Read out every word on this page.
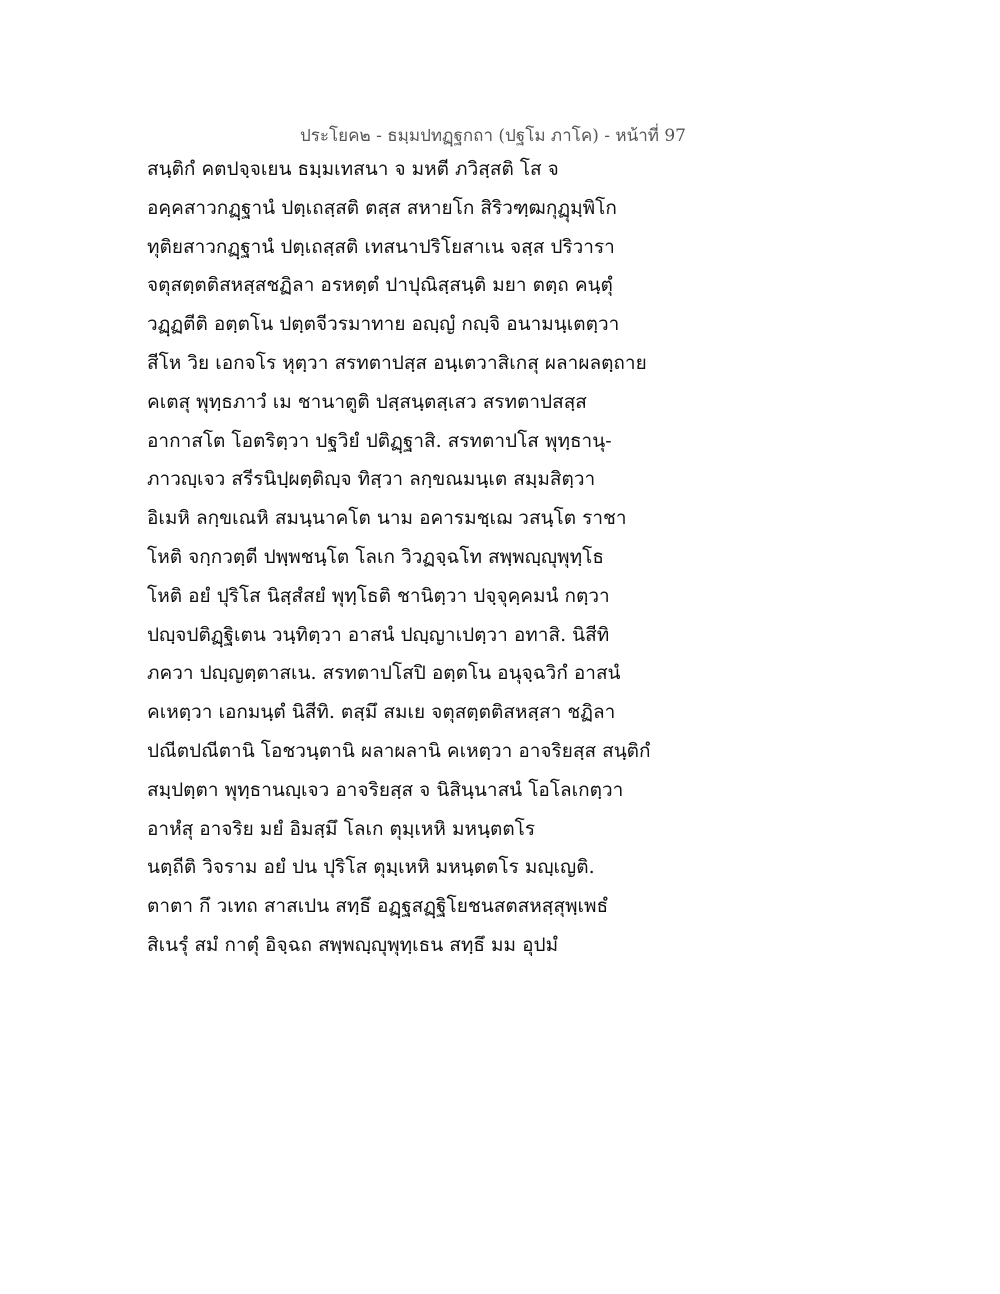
ประโยค๒ - ธมฺมปทฏฺฐกถา (ปฐโม ภาโค) - หน้าที่ 97
สนฺติกํ คตปจฺจเยน ธมฺมเทสนา จ มหตี ภวิสฺสติ โส จ
อคฺคสาวกฏฺฐานํ ปตฺเถสฺสติ ตสฺส สหายโก สิริวฑฺฒกุฏุมฺพิโก
ทุติยสาวกฏฺฐานํ ปตฺเถสฺสติ เทสนาปริโยสาเน จสฺส ปริวารา
จตุสตฺตติสหสฺสชฏิลา อรหตฺตํ ปาปุณิสฺสนฺติ มยา ตตฺถ คนฺตุํ
วฏฺฏตีติ อตฺตโน ปตฺตจีวรมาทาย อญฺญํ กญฺจิ อนามนฺเตตฺวา
สีโห วิย เอกจโร หุตฺวา สรทตาปสฺส อนฺเตวาสิเกสุ ผลาผลตฺถาย
คเตสุ พุทฺธภาวํ เม ชานาตูติ ปสฺสนฺตสฺเสว สรทตาปสสฺส
อากาสโต โอตริตฺวา ปฐวิยํ ปติฏฺฐาสิ. สรทตาปโส พุทฺธานุ-
ภาวญฺเจว สรีรนิปฺผตฺติญฺจ ทิสฺวา ลกฺขณมนฺเต สมฺมสิตฺวา
อิเมหิ ลกฺขเณหิ สมนฺนาคโต นาม อคารมชฺเฌ วสนฺโต ราชา
โหติ จกฺกวตฺตี ปพฺพชนฺโต โลเก วิวฏจฺฉโท สพฺพญฺญุพุทฺโธ
โหติ อยํ ปุริโส นิสฺสํสยํ พุทฺโธติ ชานิตฺวา ปจฺจุคฺคมนํ กตฺวา
ปญฺจปติฏฺฐิเตน วนฺทิตฺวา อาสนํ ปญฺญาเปตฺวา อทาสิ. นิสีทิ
ภควา ปญฺญตฺตาสเน. สรทตาปโสปิ อตฺตโน อนุจฺฉวิกํ อาสนํ
คเหตฺวา เอกมนฺตํ นิสีทิ. ตสฺมึ สมเย จตุสตฺตติสหสฺสา ชฏิลา
ปณีตปณีตานิ โอชวนฺตานิ ผลาผลานิ คเหตฺวา อาจริยสฺส สนฺติกํ
สมฺปตฺตา พุทฺธานญฺเจว อาจริยสฺส จ นิสินฺนาสนํ โอโลเกตฺวา
อาหํสุ อาจริย มยํ อิมสฺมึ โลเก ตุมฺเหหิ มหนฺตตโร
นตฺถีติ วิจราม อยํ ปน ปุริโส ตุมฺเหหิ มหนฺตตโร มญฺเญติ.
ตาตา กึ วเทถ สาสเปน สทฺธึ อฏฺฐสฏฺฐิโยชนสตสหสฺสุพฺเพธํ
สิเนรุํ สมํ กาตุํ อิจฺฉถ สพฺพญฺญุพุทฺเธน สทฺธึ มม อุปมํ
